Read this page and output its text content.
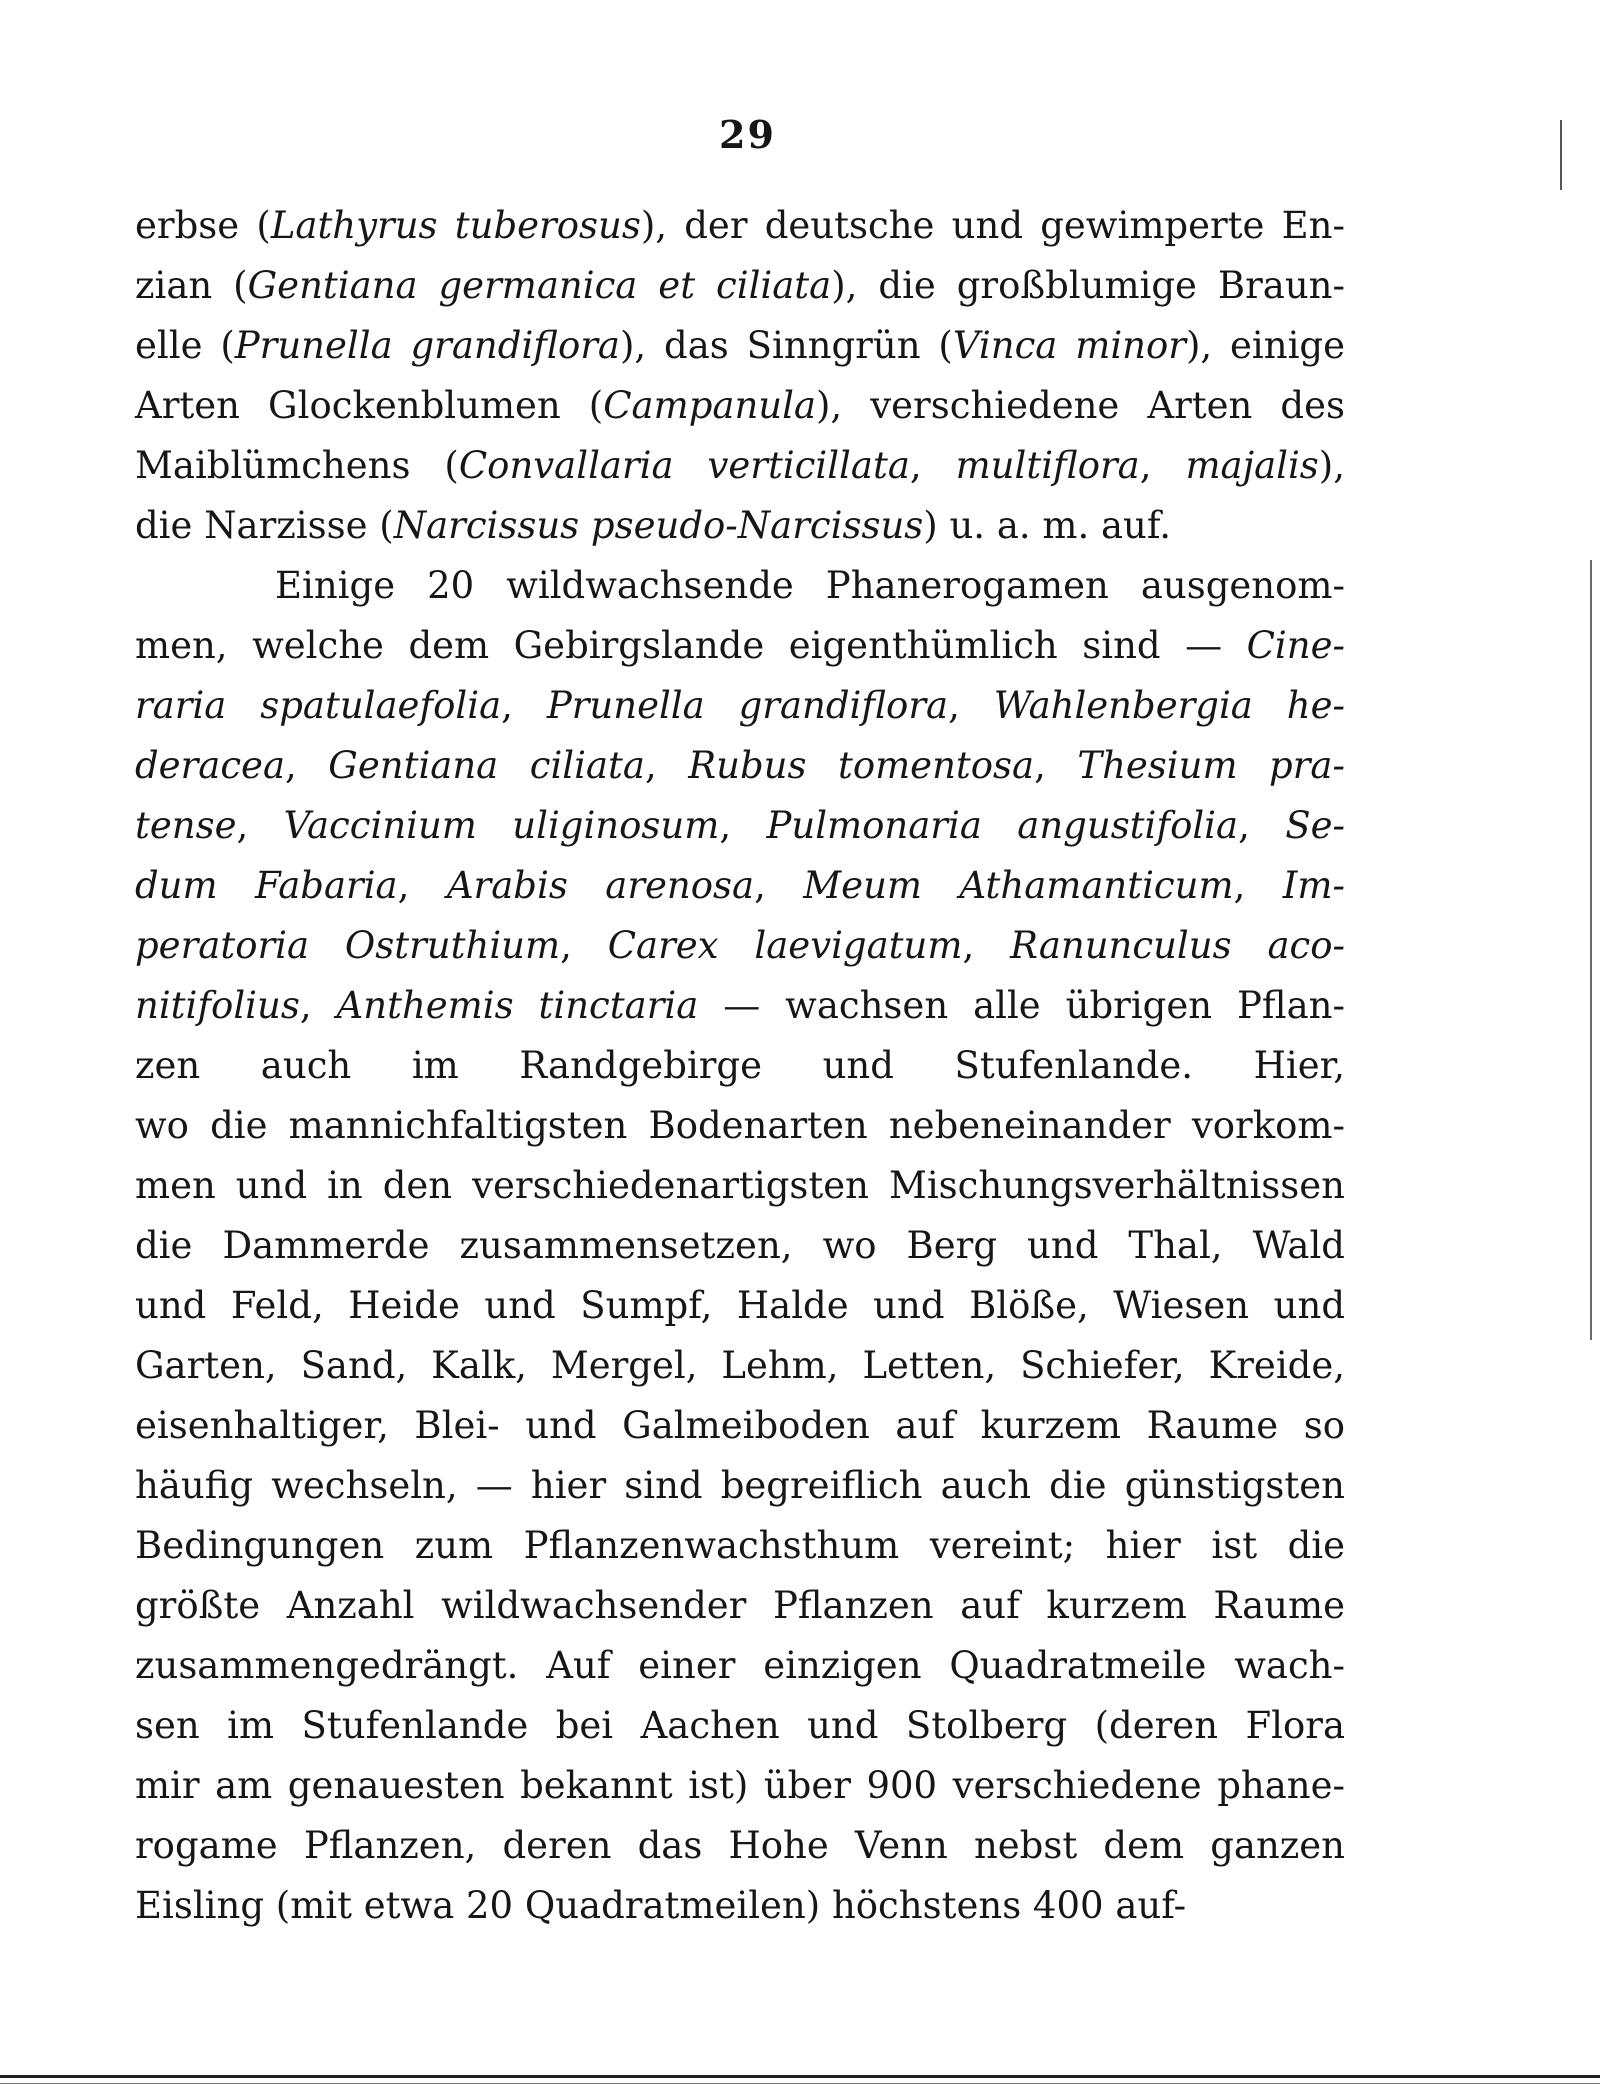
29
erbse (Lathyrus tuberosus), der deutsche und gewimperte En-
zian (Gentiana germanica et ciliata), die großblumige Braun-
elle (Prunella grandiflora), das Sinngrün (Vinca minor), einige
Arten Glockenblumen (Campanula), verschiedene Arten des
Maiblümchens (Convallaria verticillata, multiflora, majalis),
die Narzisse (Narcissus pseudo-Narcissus) u. a. m. auf.
Einige 20 wildwachsende Phanerogamen ausgenom-
men, welche dem Gebirgslande eigenthümlich sind — Cine-
raria spatulaefolia, Prunella grandiflora, Wahlenbergia he-
deracea, Gentiana ciliata, Rubus tomentosa, Thesium pra-
tense, Vaccinium uliginosum, Pulmonaria angustifolia, Se-
dum Fabaria, Arabis arenosa, Meum Athamanticum, Im-
peratoria Ostruthium, Carex laevigatum, Ranunculus aco-
nitifolius, Anthemis tinctaria — wachsen alle übrigen Pflan-
zen auch im Randgebirge und Stufenlande. Hier,
wo die mannichfaltigsten Bodenarten nebeneinander vorkom-
men und in den verschiedenartigsten Mischungsverhältnissen
die Dammerde zusammensetzen, wo Berg und Thal, Wald
und Feld, Heide und Sumpf, Halde und Blöße, Wiesen und
Garten, Sand, Kalk, Mergel, Lehm, Letten, Schiefer, Kreide,
eisenhaltiger, Blei- und Galmeiboden auf kurzem Raume so
häufig wechseln, — hier sind begreiflich auch die günstigsten
Bedingungen zum Pflanzenwachsthum vereint; hier ist die
größte Anzahl wildwachsender Pflanzen auf kurzem Raume
zusammengedrängt. Auf einer einzigen Quadratmeile wach-
sen im Stufenlande bei Aachen und Stolberg (deren Flora
mir am genauesten bekannt ist) über 900 verschiedene phane-
rogame Pflanzen, deren das Hohe Venn nebst dem ganzen
Eisling (mit etwa 20 Quadratmeilen) höchstens 400 auf-
